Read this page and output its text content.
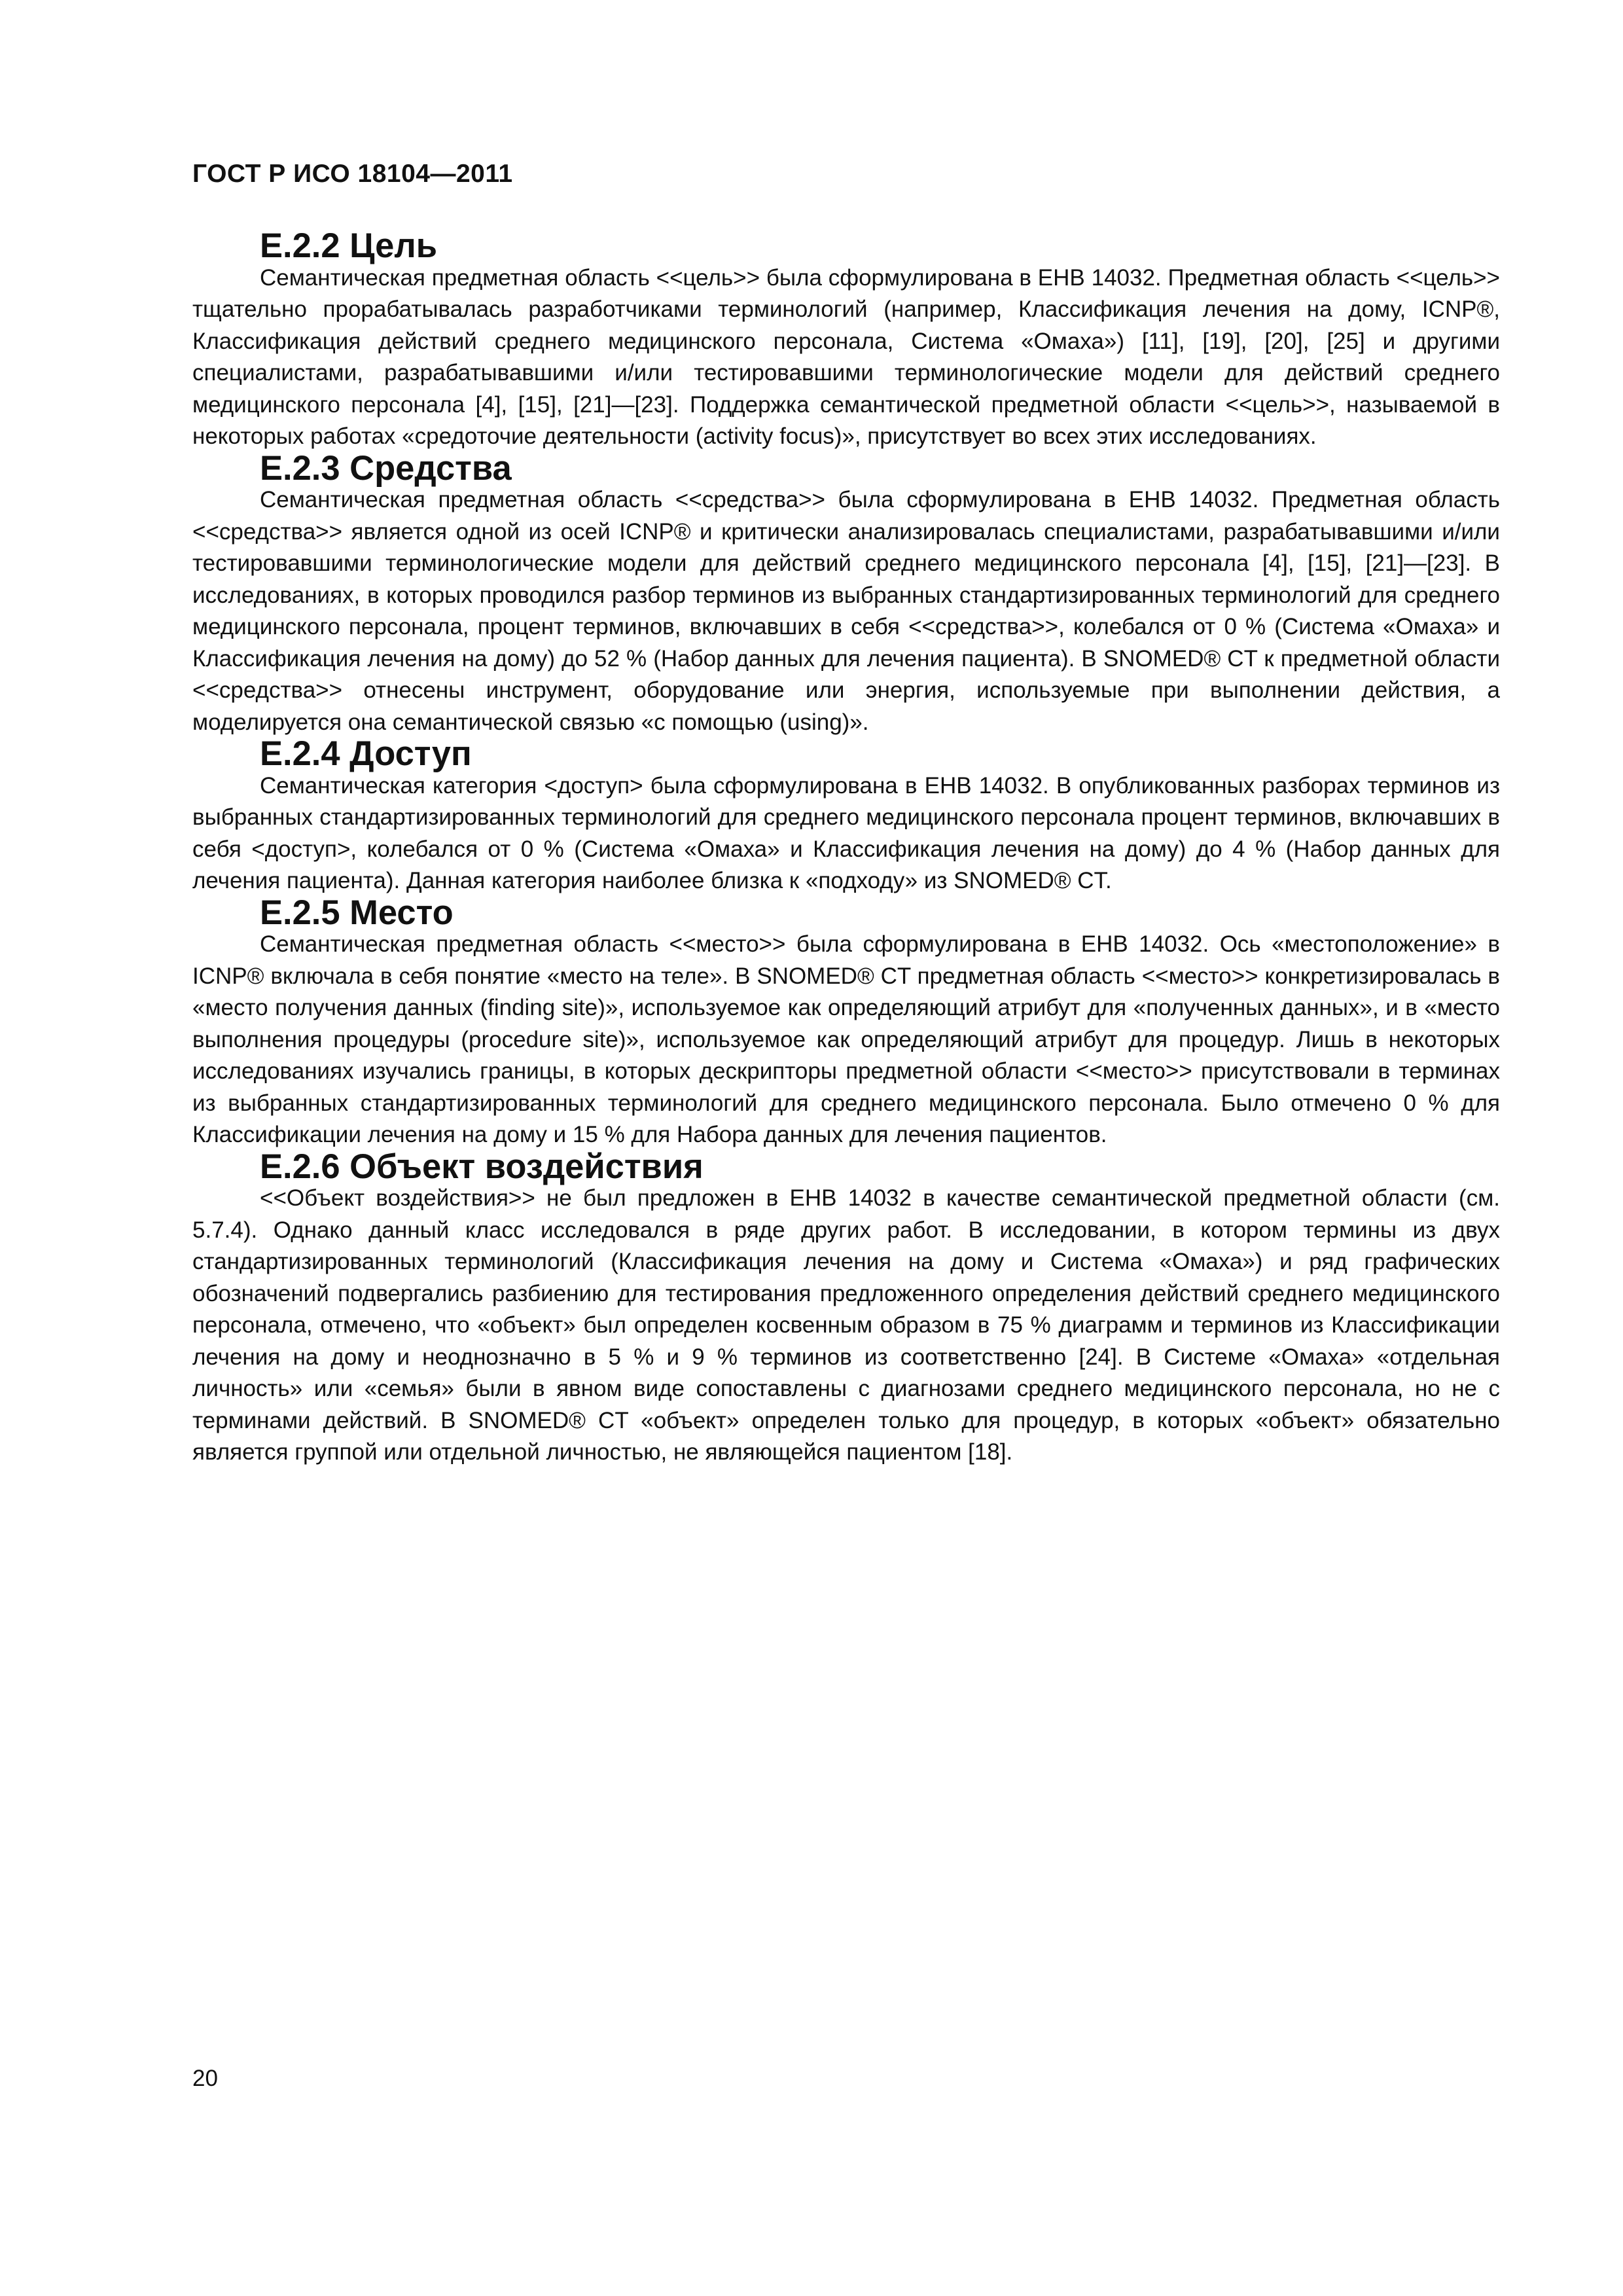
ГОСТ Р ИСО 18104—2011
Е.2.2 Цель

Семантическая предметная область <<цель>> была сформулирована в ЕНВ 14032. Предметная область <<цель>> тщательно прорабатывалась разработчиками терминологий (например, Классификация лечения на дому, ICNP®, Классификация действий среднего медицинского персонала, Система «Омаха») [11], [19], [20], [25] и другими специалистами, разрабатывавшими и/или тестировавшими терминологические модели для действий среднего медицинского персонала [4], [15], [21]—[23]. Поддержка семантической предметной области <<цель>>, называемой в некоторых работах «средоточие деятельности (activity focus)», присутствует во всех этих исследованиях.

Е.2.3 Средства

Семантическая предметная область <<средства>> была сформулирована в ЕНВ 14032. Предметная область <<средства>> является одной из осей ICNP® и критически анализировалась специалистами, разрабатывавшими и/или тестировавшими терминологические модели для действий среднего медицинского персонала [4], [15], [21]—[23]. В исследованиях, в которых проводился разбор терминов из выбранных стандартизированных терминологий для среднего медицинского персонала, процент терминов, включавших в себя <<средства>>, колебался от 0 % (Система «Омаха» и Классификация лечения на дому) до 52 % (Набор данных для лечения пациента). В SNOMED® CT к предметной области <<средства>> отнесены инструмент, оборудование или энергия, используемые при выполнении действия, а моделируется она семантической связью «с помощью (using)».

Е.2.4 Доступ

Семантическая категория <доступ> была сформулирована в ЕНВ 14032. В опубликованных разборах терминов из выбранных стандартизированных терминологий для среднего медицинского персонала процент терминов, включавших в себя <доступ>, колебался от 0 % (Система «Омаха» и Классификация лечения на дому) до 4 % (Набор данных для лечения пациента). Данная категория наиболее близка к «подходу» из SNOMED® CT.

Е.2.5 Место

Семантическая предметная область <<место>> была сформулирована в ЕНВ 14032. Ось «местоположение» в ICNP® включала в себя понятие «место на теле». В SNOMED® CT предметная область <<место>> конкретизировалась в «место получения данных (finding site)», используемое как определяющий атрибут для «полученных данных», и в «место выполнения процедуры (procedure site)», используемое как определяющий атрибут для процедур. Лишь в некоторых исследованиях изучались границы, в которых дескрипторы предметной области <<место>> присутствовали в терминах из выбранных стандартизированных терминологий для среднего медицинского персонала. Было отмечено 0 % для Классификации лечения на дому и 15 % для Набора данных для лечения пациентов.

Е.2.6 Объект воздействия

<<Объект воздействия>> не был предложен в ЕНВ 14032 в качестве семантической предметной области (см. 5.7.4). Однако данный класс исследовался в ряде других работ. В исследовании, в котором термины из двух стандартизированных терминологий (Классификация лечения на дому и Система «Омаха») и ряд графических обозначений подвергались разбиению для тестирования предложенного определения действий среднего медицинского персонала, отмечено, что «объект» был определен косвенным образом в 75 % диаграмм и терминов из Классификации лечения на дому и неоднозначно в 5 % и 9 % терминов из соответственно [24]. В Системе «Омаха» «отдельная личность» или «семья» были в явном виде сопоставлены с диагнозами среднего медицинского персонала, но не с терминами действий. В SNOMED® CT «объект» определен только для процедур, в которых «объект» обязательно является группой или отдельной личностью, не являющейся пациентом [18].

20
